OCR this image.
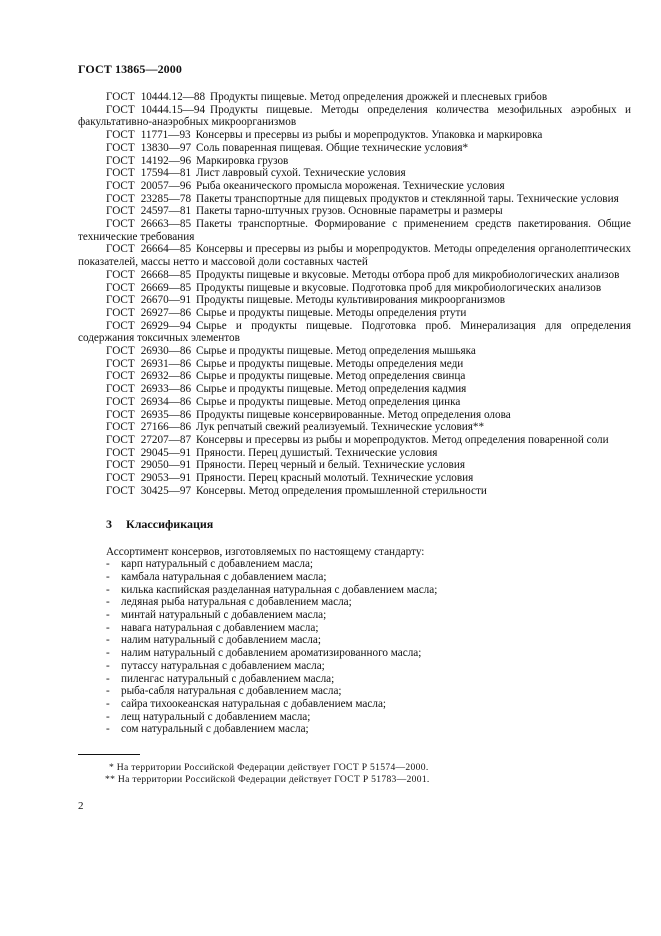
ГОСТ 13865—2000

ГОСТ 10444.12—88 Продукты пищевые. Метод определения дрожжей и плесневых грибов

ГОСТ 10444.15—94 Продукты пищевые. Методы определения количества мезофильных аэробных и факультативно-анаэробных микроорганизмов

ГОСТ 11771—93 Консервы и пресервы из рыбы и морепродуктов. Упаковка и маркировка

ГОСТ 13830—97 Соль поваренная пищевая. Общие технические условия*

ГОСТ 14192—96 Маркировка грузов

ГОСТ 17594—81 Лист лавровый сухой. Технические условия

ГОСТ 20057—96 Рыба океанического промысла мороженая. Технические условия

ГОСТ 23285—78 Пакеты транспортные для пищевых продуктов и стеклянной тары. Технические условия

ГОСТ 24597—81 Пакеты тарно-штучных грузов. Основные параметры и размеры

ГОСТ 26663—85 Пакеты транспортные. Формирование с применением средств пакетирования. Общие технические требования

ГОСТ 26664—85 Консервы и пресервы из рыбы и морепродуктов. Методы определения органолептических показателей, массы нетто и массовой доли составных частей

ГОСТ 26668—85 Продукты пищевые и вкусовые. Методы отбора проб для микробиологических анализов

ГОСТ 26669—85 Продукты пищевые и вкусовые. Подготовка проб для микробиологических анализов

ГОСТ 26670—91 Продукты пищевые. Методы культивирования микроорганизмов

ГОСТ 26927—86 Сырье и продукты пищевые. Методы определения ртути

ГОСТ 26929—94 Сырье и продукты пищевые. Подготовка проб. Минерализация для определения содержания токсичных элементов

ГОСТ 26930—86 Сырье и продукты пищевые. Метод определения мышьяка

ГОСТ 26931—86 Сырье и продукты пищевые. Методы определения меди

ГОСТ 26932—86 Сырье и продукты пищевые. Метод определения свинца

ГОСТ 26933—86 Сырье и продукты пищевые. Метод определения кадмия

ГОСТ 26934—86 Сырье и продукты пищевые. Метод определения цинка

ГОСТ 26935—86 Продукты пищевые консервированные. Метод определения олова

ГОСТ 27166—86 Лук репчатый свежий реализуемый. Технические условия**

ГОСТ 27207—87 Консервы и пресервы из рыбы и морепродуктов. Метод определения поваренной соли

ГОСТ 29045—91 Пряности. Перец душистый. Технические условия

ГОСТ 29050—91 Пряности. Перец черный и белый. Технические условия

ГОСТ 29053—91 Пряности. Перец красный молотый. Технические условия

ГОСТ 30425—97 Консервы. Метод определения промышленной стерильности

3 Классификация

Ассортимент консервов, изготовляемых по настоящему стандарту:

- карп натуральный с добавлением масла;
- камбала натуральная с добавлением масла;
- килька каспийская разделанная натуральная с добавлением масла;
- ледяная рыба натуральная с добавлением масла;
- минтай натуральный с добавлением масла;
- навага натуральная с добавлением масла;
- налим натуральный с добавлением масла;
- налим натуральный с добавлением ароматизированного масла;
- путассу натуральная с добавлением масла;
- пиленгас натуральный с добавлением масла;
- рыба-сабля натуральная с добавлением масла;
- сайра тихоокеанская натуральная с добавлением масла;
- лещ натуральный с добавлением масла;
- сом натуральный с добавлением масла;

* На территории Российской Федерации действует ГОСТ Р 51574—2000.

** На территории Российской Федерации действует ГОСТ Р 51783—2001.

2
